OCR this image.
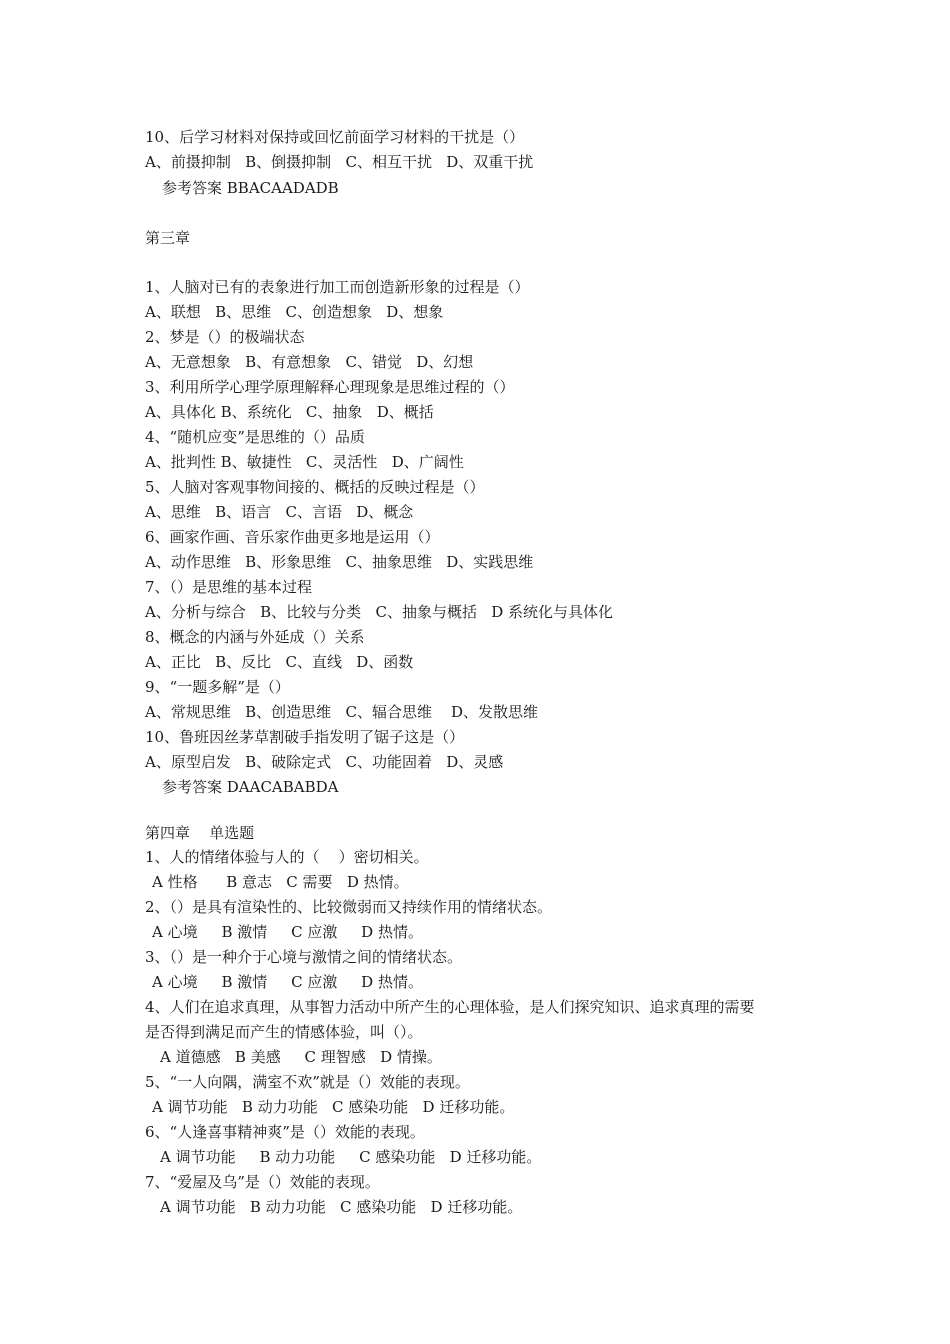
10、后学习材料对保持或回忆前面学习材料的干扰是（）

A、前摄抑制   B、倒摄抑制   C、相互干扰   D、双重干扰

参考答案 BBACAADADB

第三章

1、人脑对已有的表象进行加工而创造新形象的过程是（）

A、联想   B、思维   C、创造想象   D、想象

2、梦是（）的极端状态

A、无意想象   B、有意想象   C、错觉   D、幻想

3、利用所学心理学原理解释心理现象是思维过程的（）

A、具体化 B、系统化   C、抽象   D、概括

4、“随机应变”是思维的（）品质

A、批判性 B、敏捷性   C、灵活性   D、广阔性

5、人脑对客观事物间接的、概括的反映过程是（）

A、思维   B、语言   C、言语   D、概念

6、画家作画、音乐家作曲更多地是运用（）

A、动作思维   B、形象思维   C、抽象思维   D、实践思维

7、（）是思维的基本过程

A、分析与综合   B、比较与分类   C、抽象与概括   D 系统化与具体化

8、概念的内涵与外延成（）关系

A、正比   B、反比   C、直线   D、函数

9、“一题多解”是（）

A、常规思维   B、创造思维   C、辐合思维    D、发散思维

10、鲁班因丝茅草割破手指发明了锯子这是（）

A、原型启发   B、破除定式   C、功能固着   D、灵感

参考答案 DAACABABDA

第四章    单选题

1、人的情绪体验与人的（    ）密切相关。

A 性格      B 意志   C 需要   D 热情。

2、（）是具有渲染性的、比较微弱而又持续作用的情绪状态。

A 心境     B 激情     C 应激     D 热情。

3、（）是一种介于心境与激情之间的情绪状态。

A 心境     B 激情     C 应激     D 热情。

4、人们在追求真理，从事智力活动中所产生的心理体验，是人们探究知识、追求真理的需要

是否得到满足而产生的情感体验，叫（）。

A 道德感   B 美感     C 理智感   D 情操。

5、“一人向隅，满室不欢”就是（）效能的表现。

A 调节功能   B 动力功能   C 感染功能   D 迁移功能。

6、“人逢喜事精神爽”是（）效能的表现。

A 调节功能     B 动力功能     C 感染功能   D 迁移功能。

7、“爱屋及乌”是（）效能的表现。

A 调节功能   B 动力功能   C 感染功能   D 迁移功能。
